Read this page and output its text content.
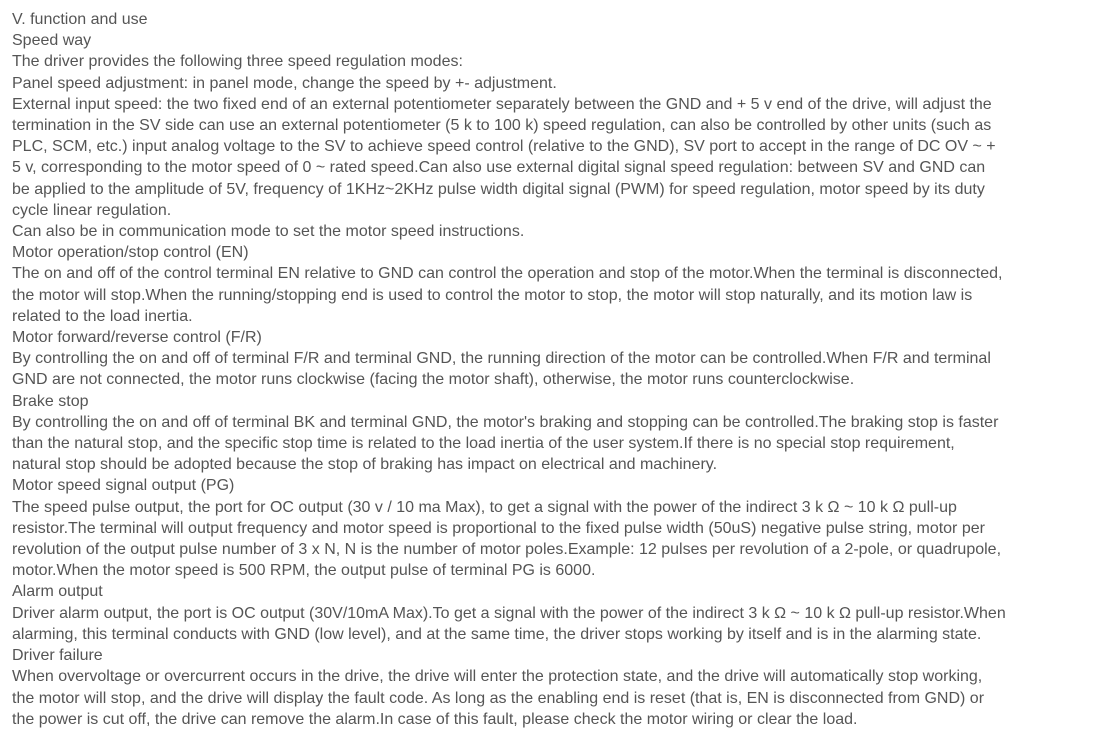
V. function and use
Speed way
The driver provides the following three speed regulation modes:
Panel speed adjustment: in panel mode, change the speed by +- adjustment.
External input speed: the two fixed end of an external potentiometer separately between the GND and + 5 v end of the drive, will adjust the
termination in the SV side can use an external potentiometer (5 k to 100 k) speed regulation, can also be controlled by other units (such as
PLC, SCM, etc.) input analog voltage to the SV to achieve speed control (relative to the GND), SV port to accept in the range of DC OV ~ +
5 v, corresponding to the motor speed of 0 ~ rated speed.Can also use external digital signal speed regulation: between SV and GND can
be applied to the amplitude of 5V, frequency of 1KHz~2KHz pulse width digital signal (PWM) for speed regulation, motor speed by its duty
cycle linear regulation.
Can also be in communication mode to set the motor speed instructions.
Motor operation/stop control (EN)
The on and off of the control terminal EN relative to GND can control the operation and stop of the motor.When the terminal is disconnected,
the motor will stop.When the running/stopping end is used to control the motor to stop, the motor will stop naturally, and its motion law is
related to the load inertia.
Motor forward/reverse control (F/R)
By controlling the on and off of terminal F/R and terminal GND, the running direction of the motor can be controlled.When F/R and terminal
GND are not connected, the motor runs clockwise (facing the motor shaft), otherwise, the motor runs counterclockwise.
Brake stop
By controlling the on and off of terminal BK and terminal GND, the motor's braking and stopping can be controlled.The braking stop is faster
than the natural stop, and the specific stop time is related to the load inertia of the user system.If there is no special stop requirement,
natural stop should be adopted because the stop of braking has impact on electrical and machinery.
Motor speed signal output (PG)
The speed pulse output, the port for OC output (30 v / 10 ma Max), to get a signal with the power of the indirect 3 k Ω ~ 10 k Ω pull-up
resistor.The terminal will output frequency and motor speed is proportional to the fixed pulse width (50uS) negative pulse string, motor per
revolution of the output pulse number of 3 x N, N is the number of motor poles.Example: 12 pulses per revolution of a 2-pole, or quadrupole,
motor.When the motor speed is 500 RPM, the output pulse of terminal PG is 6000.
Alarm output
Driver alarm output, the port is OC output (30V/10mA Max).To get a signal with the power of the indirect 3 k Ω ~ 10 k Ω pull-up resistor.When
alarming, this terminal conducts with GND (low level), and at the same time, the driver stops working by itself and is in the alarming state.
Driver failure
When overvoltage or overcurrent occurs in the drive, the drive will enter the protection state, and the drive will automatically stop working,
the motor will stop, and the drive will display the fault code. As long as the enabling end is reset (that is, EN is disconnected from GND) or
the power is cut off, the drive can remove the alarm.In case of this fault, please check the motor wiring or clear the load.
